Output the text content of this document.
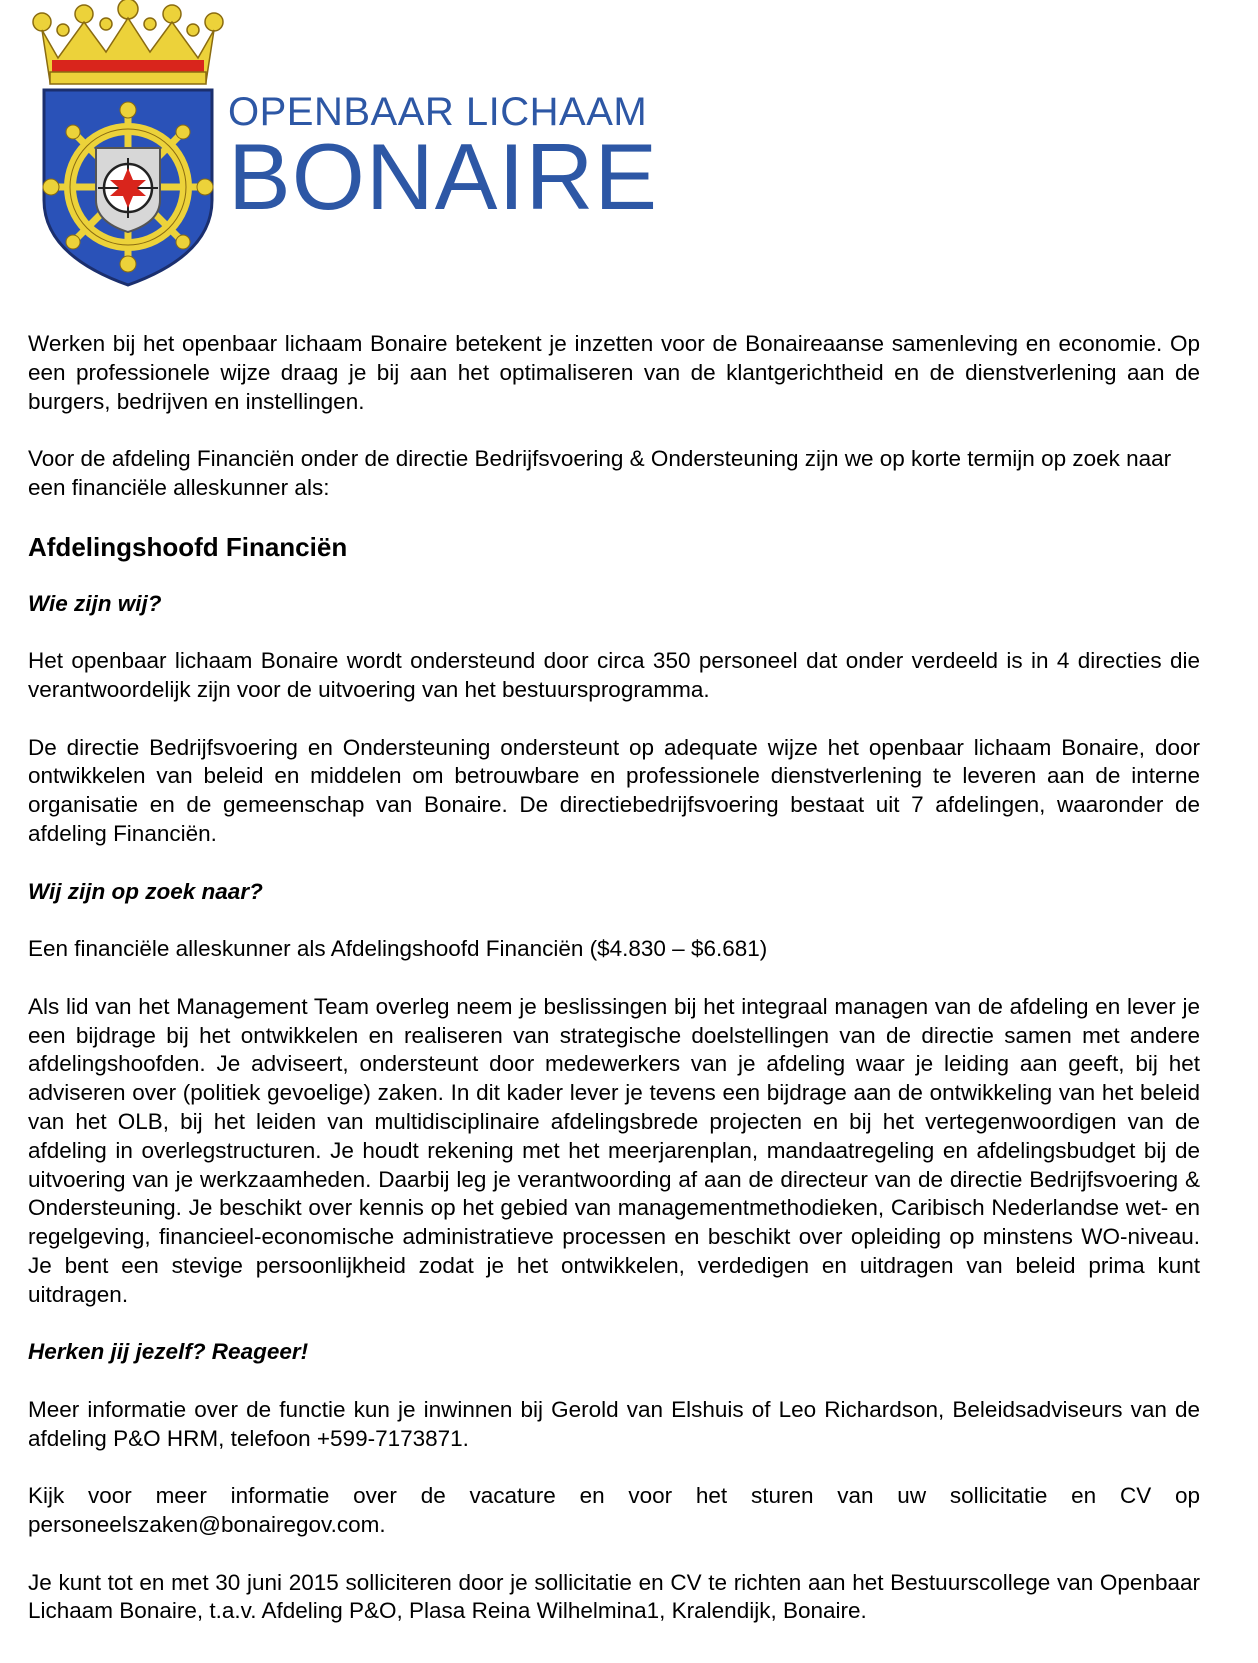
OPENBAAR LICHAAM
BONAIRE

Werken bij het openbaar lichaam Bonaire betekent je inzetten voor de Bonaireaanse samenleving en economie. Op een professionele wijze draag je bij aan het optimaliseren van de klantgerichtheid en de dienstverlening aan de burgers, bedrijven en instellingen.

Voor de afdeling Financiën onder de directie Bedrijfsvoering & Ondersteuning zijn we op korte termijn op zoek naar een financiële alleskunner als:

Afdelingshoofd Financiën
Wie zijn wij?

Het openbaar lichaam Bonaire wordt ondersteund door circa 350 personeel dat onder verdeeld is in 4 directies die verantwoordelijk zijn voor de uitvoering van het bestuursprogramma.

De directie Bedrijfsvoering en Ondersteuning ondersteunt op adequate wijze het openbaar lichaam Bonaire, door ontwikkelen van beleid en middelen om betrouwbare en professionele dienstverlening te leveren aan de interne organisatie en de gemeenschap van Bonaire. De directiebedrijfsvoering bestaat uit 7 afdelingen, waaronder de afdeling Financiën.

Wij zijn op zoek naar?

Een financiële alleskunner als Afdelingshoofd Financiën ($4.830 – $6.681)

Als lid van het Management Team overleg neem je beslissingen bij het integraal managen van de afdeling en lever je een bijdrage bij het ontwikkelen en realiseren van strategische doelstellingen van de directie samen met andere afdelingshoofden. Je adviseert, ondersteunt door medewerkers van je afdeling waar je leiding aan geeft, bij het adviseren over (politiek gevoelige) zaken. In dit kader lever je tevens een bijdrage aan de ontwikkeling van het beleid van het OLB, bij het leiden van multidisciplinaire afdelingsbrede projecten en bij het vertegenwoordigen van de afdeling in overlegstructuren. Je houdt rekening met het meerjarenplan, mandaatregeling en afdelingsbudget bij de uitvoering van je werkzaamheden. Daarbij leg je verantwoording af aan de directeur van de directie Bedrijfsvoering & Ondersteuning. Je beschikt over kennis op het gebied van managementmethodieken, Caribisch Nederlandse wet- en regelgeving, financieel-economische administratieve processen en beschikt over opleiding op minstens WO-niveau. Je bent een stevige persoonlijkheid zodat je het ontwikkelen, verdedigen en uitdragen van beleid prima kunt uitdragen.

Herken jij jezelf? Reageer!

Meer informatie over de functie kun je inwinnen bij Gerold van Elshuis of Leo Richardson, Beleidsadviseurs van de afdeling P&O HRM, telefoon +599-7173871.

Kijk voor meer informatie over de vacature en voor het sturen van uw sollicitatie en CV op personeelszaken@bonairegov.com.

Je kunt tot en met 30 juni 2015 solliciteren door je sollicitatie en CV te richten aan het Bestuurscollege van Openbaar Lichaam Bonaire, t.a.v. Afdeling P&O, Plasa Reina Wilhelmina1, Kralendijk, Bonaire.
